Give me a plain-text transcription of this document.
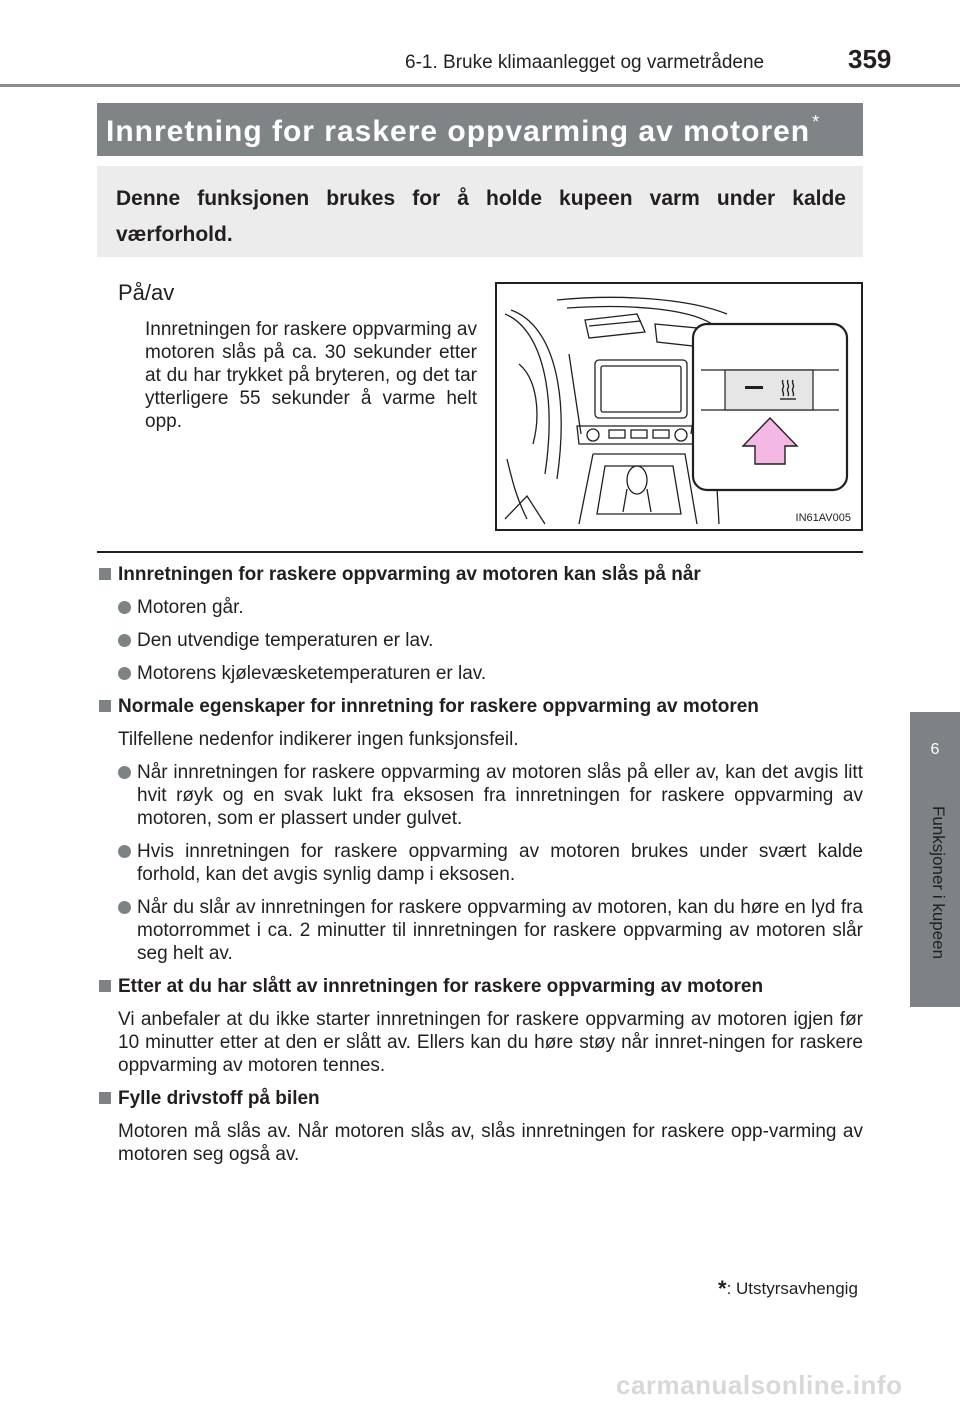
6-1. Bruke klimaanlegget og varmetrådene	359
6
Funksjoner i kupeen
Innretning for raskere oppvarming av motoren *
Denne funksjonen brukes for å holde kupeen varm under kalde værforhold.
På/av
Innretningen for raskere oppvarming av motoren slås på ca. 30 sekunder etter at du har trykket på bryteren, og det tar ytterligere 55 sekunder å varme helt opp.
IN61AV005
Innretningen for raskere oppvarming av motoren kan slås på når
Motoren går.
Den utvendige temperaturen er lav.
Motorens kjølevæsketemperaturen er lav.
Normale egenskaper for innretning for raskere oppvarming av motoren
Tilfellene nedenfor indikerer ingen funksjonsfeil.
Når innretningen for raskere oppvarming av motoren slås på eller av, kan det avgis litt hvit røyk og en svak lukt fra eksosen fra innretningen for raskere oppvarming av motoren, som er plassert under gulvet.
Hvis innretningen for raskere oppvarming av motoren brukes under svært kalde forhold, kan det avgis synlig damp i eksosen.
Når du slår av innretningen for raskere oppvarming av motoren, kan du høre en lyd fra motorrommet i ca. 2 minutter til innretningen for raskere oppvarming av motoren slår seg helt av.
Etter at du har slått av innretningen for raskere oppvarming av motoren
Vi anbefaler at du ikke starter innretningen for raskere oppvarming av motoren igjen før 10 minutter etter at den er slått av. Ellers kan du høre støy når innret-ningen for raskere oppvarming av motoren tennes.
Fylle drivstoff på bilen
Motoren må slås av. Når motoren slås av, slås innretningen for raskere opp-varming av motoren seg også av.
*: Utstyrsavhengig
carmanualsonline.info
